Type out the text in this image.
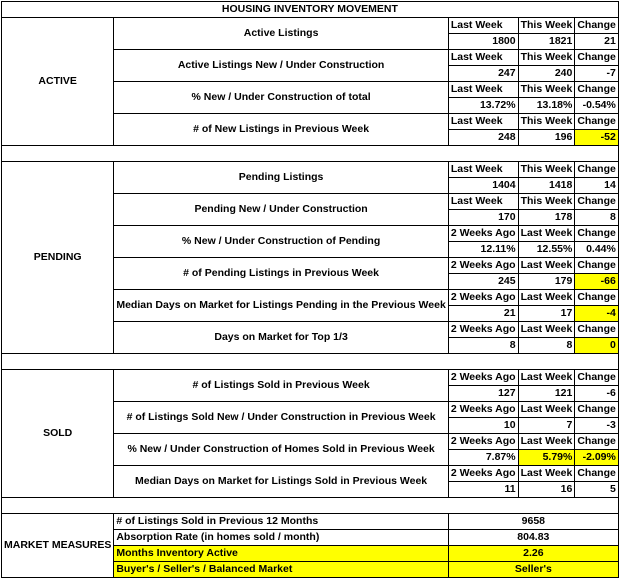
HOUSING INVENTORY MOVEMENT				
ACTIVE	Active Listings	Last Week	This Week	Change
		1800	1821	21
	Active Listings New / Under Construction	Last Week	This Week	Change
		247	240	-7
	% New / Under Construction of total	Last Week	This Week	Change
		13.72%	13.18%	-0.54%
	# of New Listings in Previous Week	Last Week	This Week	Change
		248	196	-52

PENDING	Pending Listings	Last Week	This Week	Change
		1404	1418	14
	Pending New / Under Construction	Last Week	This Week	Change
		170	178	8
	% New / Under Construction of Pending	2 Weeks Ago	Last Week	Change
		12.11%	12.55%	0.44%
	# of Pending Listings in Previous Week	2 Weeks Ago	Last Week	Change
		245	179	-66
	Median Days on Market for Listings Pending in the Previous Week	2 Weeks Ago	Last Week	Change
		21	17	-4
	Days on Market for Top 1/3	2 Weeks Ago	Last Week	Change
		8	8	0

SOLD	# of Listings Sold in Previous Week	2 Weeks Ago	Last Week	Change
		127	121	-6
	# of Listings Sold New / Under Construction in Previous Week	2 Weeks Ago	Last Week	Change
		10	7	-3
	% New / Under Construction of Homes Sold in Previous Week	2 Weeks Ago	Last Week	Change
		7.87%	5.79%	-2.09%
	Median Days on Market for Listings Sold in Previous Week	2 Weeks Ago	Last Week	Change
		11	16	5

MARKET MEASURES	# of Listings Sold in Previous 12 Months	9658		
	Absorption Rate (in homes sold / month)	804.83		
	Months Inventory Active	2.26		
	Buyer's / Seller's / Balanced Market	Seller's		
